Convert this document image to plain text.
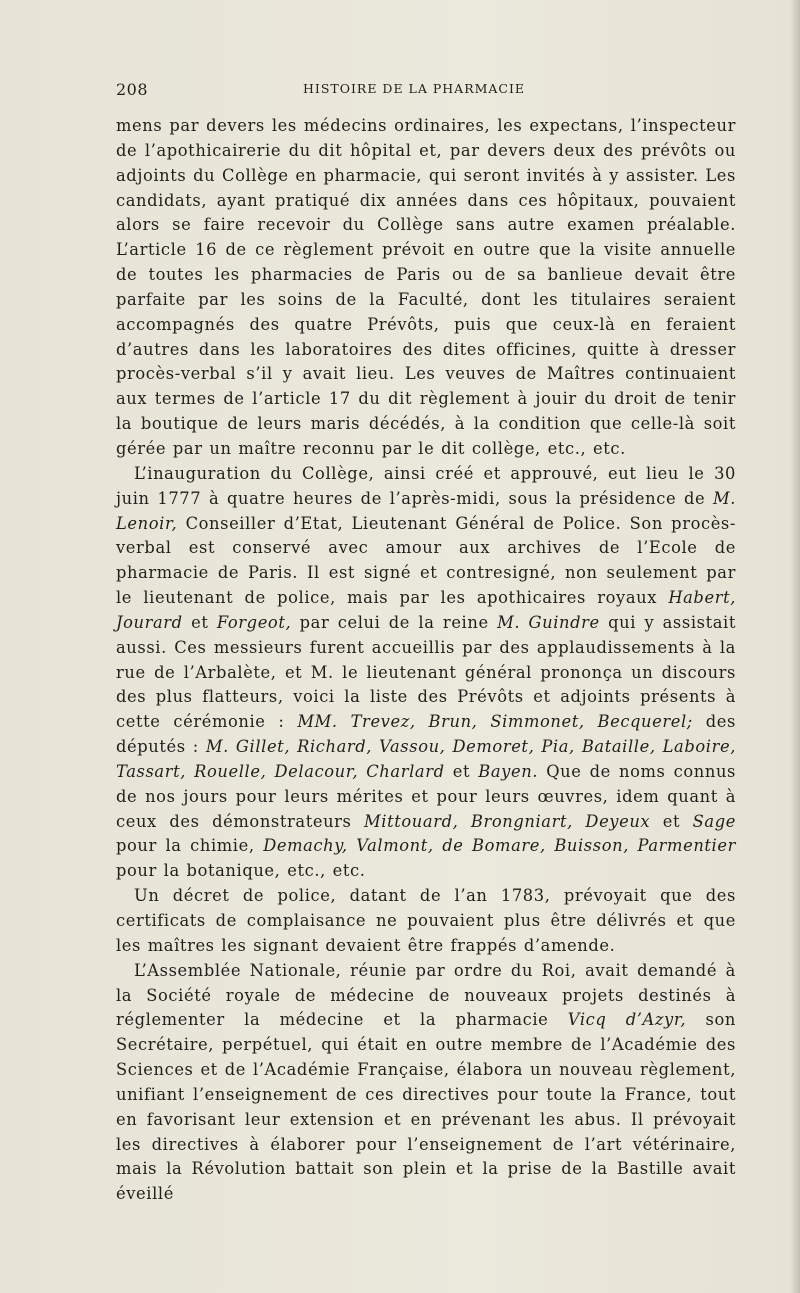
208	HISTOIRE DE LA PHARMACIE

mens par devers les médecins ordinaires, les expectans, l’inspecteur de l’apothicairerie du dit hôpital et, par devers deux des prévôts ou adjoints du Collège en pharmacie, qui seront invités à y assister. Les candidats, ayant pratiqué dix années dans ces hôpitaux, pouvaient alors se faire recevoir du Collège sans autre examen préalable. L’article 16 de ce règlement prévoit en outre que la visite annuelle de toutes les pharmacies de Paris ou de sa banlieue devait être parfaite par les soins de la Faculté, dont les titulaires seraient accompagnés des quatre Prévôts, puis que ceux-là en feraient d’autres dans les laboratoires des dites officines, quitte à dresser procès-verbal s’il y avait lieu. Les veuves de Maîtres continuaient aux termes de l’article 17 du dit règlement à jouir du droit de tenir la boutique de leurs maris décédés, à la condition que celle-là soit gérée par un maître reconnu par le dit collège, etc., etc.

L’inauguration du Collège, ainsi créé et approuvé, eut lieu le 30 juin 1777 à quatre heures de l’après-midi, sous la présidence de M. Lenoir, Conseiller d’Etat, Lieutenant Général de Police. Son procès-verbal est conservé avec amour aux archives de l’Ecole de pharmacie de Paris. Il est signé et contresigné, non seulement par le lieutenant de police, mais par les apothicaires royaux Habert, Jourard et Forgeot, par celui de la reine M. Guindre qui y assistait aussi. Ces messieurs furent accueillis par des applaudissements à la rue de l’Arbalète, et M. le lieutenant général prononça un discours des plus flatteurs, voici la liste des Prévôts et adjoints présents à cette cérémonie : MM. Trevez, Brun, Simmonet, Becquerel; des députés : M. Gillet, Richard, Vassou, Demoret, Pia, Bataille, Laboire, Tassart, Rouelle, Delacour, Charlard et Bayen. Que de noms connus de nos jours pour leurs mérites et pour leurs œuvres, idem quant à ceux des démonstrateurs Mittouard, Brongniart, Deyeux et Sage pour la chimie, Demachy, Valmont, de Bomare, Buisson, Parmentier pour la botanique, etc., etc.

Un décret de police, datant de l’an 1783, prévoyait que des certificats de complaisance ne pouvaient plus être délivrés et que les maîtres les signant devaient être frappés d’amende.

L’Assemblée Nationale, réunie par ordre du Roi, avait demandé à la Société royale de médecine de nouveaux projets destinés à réglementer la médecine et la pharmacie Vicq d’Azyr, son Secrétaire, perpétuel, qui était en outre membre de l’Académie des Sciences et de l’Académie Française, élabora un nouveau règlement, unifiant l’enseignement de ces directives pour toute la France, tout en favorisant leur extension et en prévenant les abus. Il prévoyait les directives à élaborer pour l’enseignement de l’art vétérinaire, mais la Révolution battait son plein et la prise de la Bastille avait éveillé
